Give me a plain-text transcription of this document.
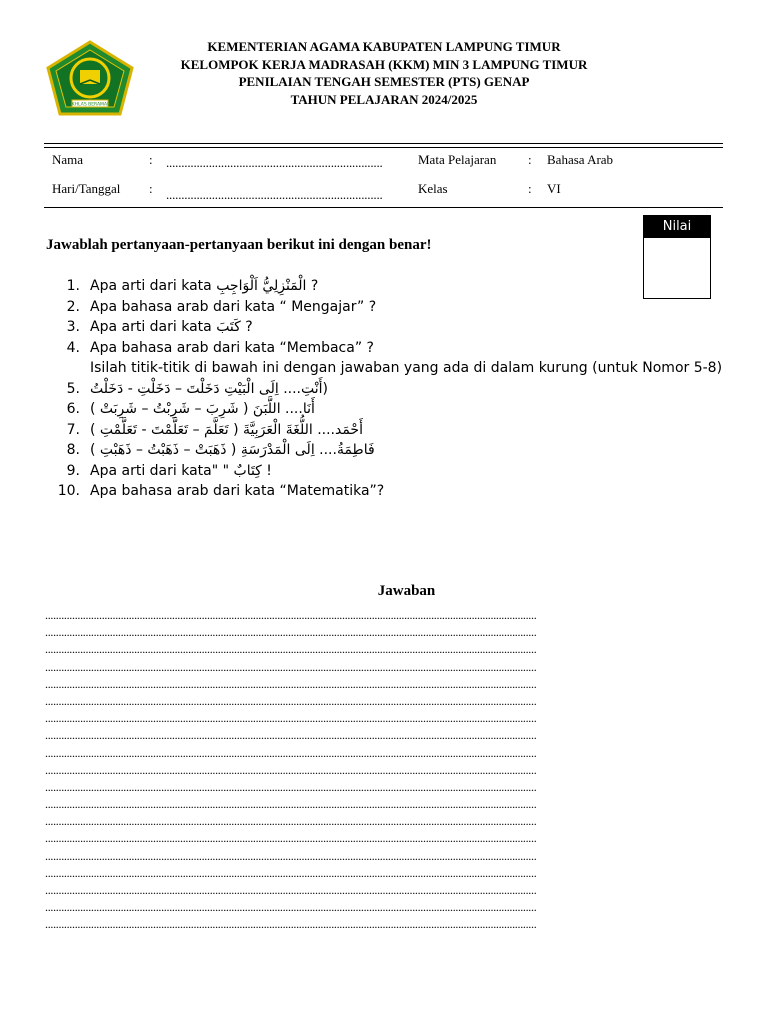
IKHLAS BERAMAL
KEMENTERIAN AGAMA KABUPATEN LAMPUNG TIMUR
KELOMPOK KERJA MADRASAH (KKM) MIN 3 LAMPUNG TIMUR
PENILAIAN TENGAH SEMESTER (PTS) GENAP
TAHUN PELAJARAN 2024/2025
Nama	: .......................................................................
Hari/Tanggal : .......................................................................
Mata Pelajaran : Bahasa Arab
Kelas	: VI
Nilai
Jawablah pertanyaan-pertanyaan berikut ini dengan benar!
1. Apa arti dari kata الْمَنْزِلِيُّ اَلْوَاجِبِ ?
2. Apa bahasa arab dari kata “ Mengajar” ?
3. Apa arti dari kata كَتَبَ ?
4. Apa bahasa arab dari kata “Membaca” ?
Isilah titik-titik di bawah ini dengan jawaban yang ada di dalam kurung (untuk Nomor 5-8)
5. (أَنْتِ.... اِلَى الْبَيْتِ دَخَلْتَ – دَخَلْتِ - دَخَلْتُ
6. أَنَا.... اللَّبَنَ ( شَرِبَ – شَرِبْتُ – شَرِبَتْ )
7. أَحْمَد.... اللُّغَةَ الْعَرَبِيَّةَ ( تَعَلَّمَ – تَعَلَّمْتَ - تَعَلَّمْتِ )
8. فَاطِمَةُ.... اِلَى الْمَدْرَسَةِ ( ذَهَبَتْ – ذَهَبْتُ – ذَهَبْتِ )
9. Apa arti dari kata" " كِتَابٌ !
10. Apa bahasa arab dari kata “Matematika”?
Jawaban
......................................................................................................................................................................................
......................................................................................................................................................................................
......................................................................................................................................................................................
......................................................................................................................................................................................
......................................................................................................................................................................................
......................................................................................................................................................................................
......................................................................................................................................................................................
......................................................................................................................................................................................
......................................................................................................................................................................................
......................................................................................................................................................................................
......................................................................................................................................................................................
......................................................................................................................................................................................
......................................................................................................................................................................................
......................................................................................................................................................................................
......................................................................................................................................................................................
......................................................................................................................................................................................
......................................................................................................................................................................................
......................................................................................................................................................................................
......................................................................................................................................................................................
